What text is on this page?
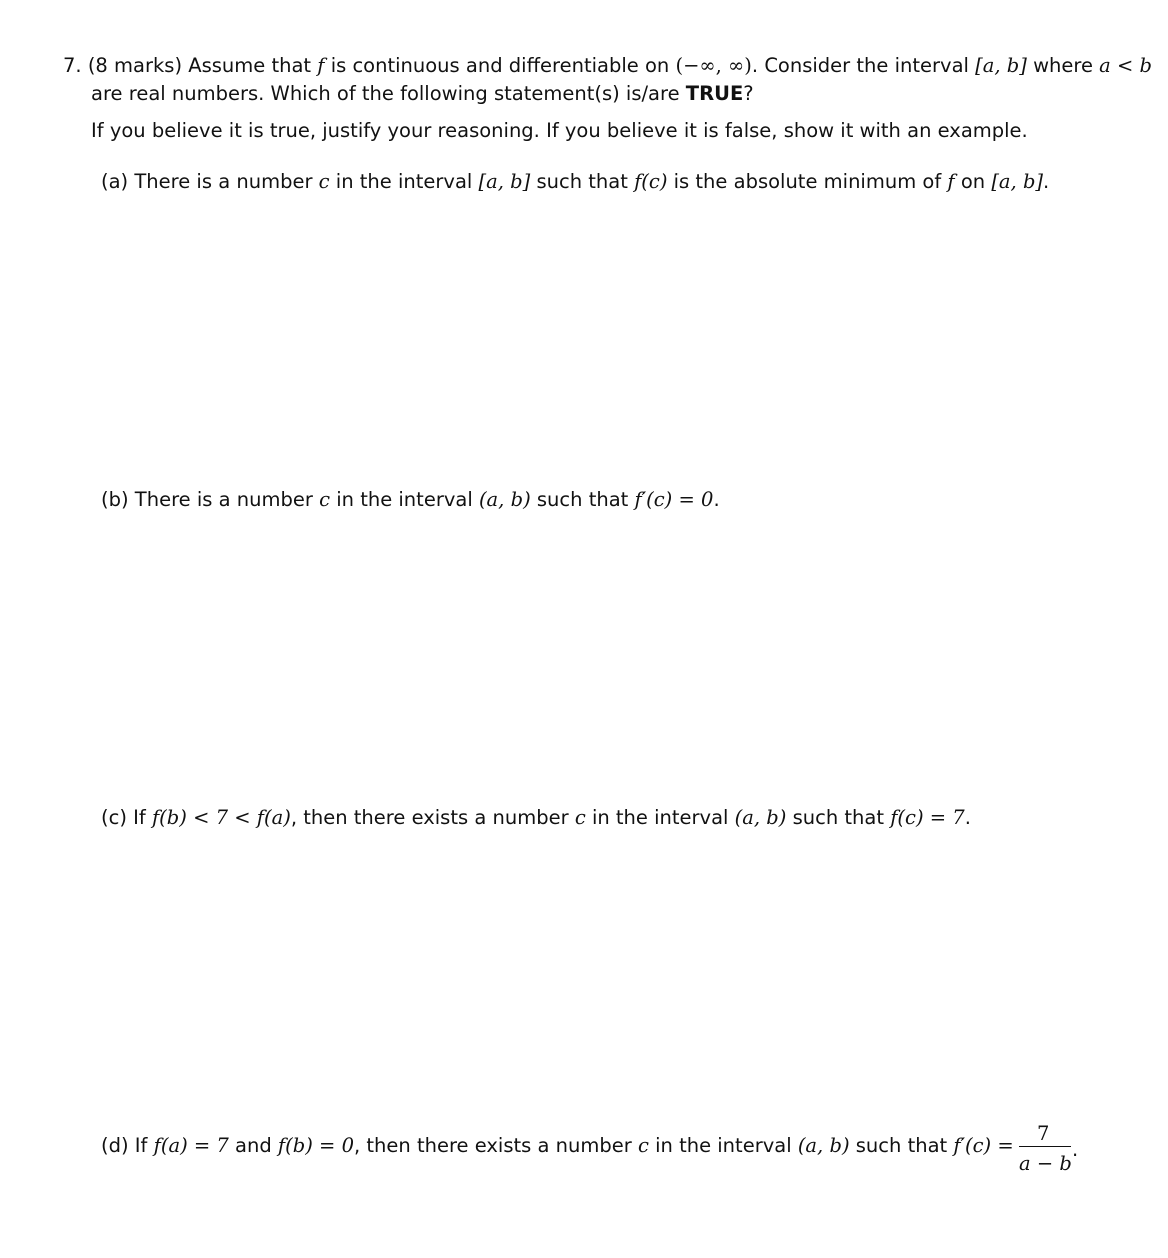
7. (8 marks) Assume that f is continuous and differentiable on (−∞, ∞). Consider the interval [a, b] where a < b
are real numbers. Which of the following statement(s) is/are TRUE?
If you believe it is true, justify your reasoning. If you believe it is false, show it with an example.
(a) There is a number c in the interval [a, b] such that f(c) is the absolute minimum of f on [a, b].
(b) There is a number c in the interval (a, b) such that f′(c) = 0.
(c) If f(b) < 7 < f(a), then there exists a number c in the interval (a, b) such that f(c) = 7.
(d) If f(a) = 7 and f(b) = 0, then there exists a number c in the interval (a, b) such that f′(c) =
7
a − b
.
